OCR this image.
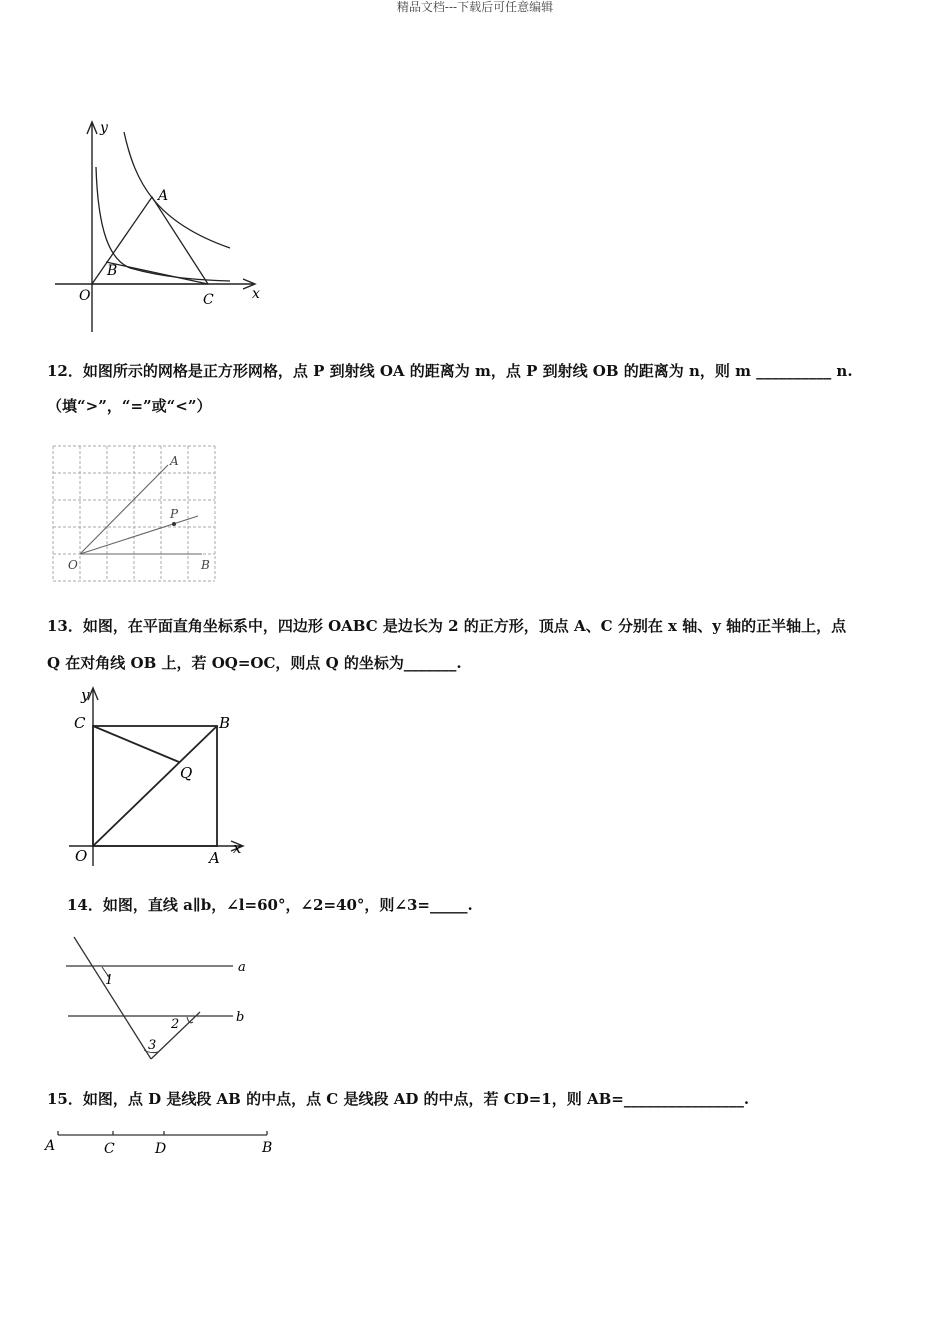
精品文档---下载后可任意编辑
y
A
B
O	C	x
12．如图所示的网格是正方形网格，点 P 到射线 OA 的距离为 m，点 P 到射线 OB 的距离为 n，则 m __________ n.
（填“>”，“=”或“<”）
A
P
O	B
13．如图，在平面直角坐标系中，四边形 OABC 是边长为 2 的正方形，顶点 A、C 分别在 x 轴、y 轴的正半轴上，点
Q 在对角线 OB 上，若 OQ=OC，则点 Q 的坐标为_______.
y
C	B
Q
O	A
x
14．如图，直线 a∥b，∠l=60°，∠2=40°，则∠3=_____.
a
b
1
2
3
15．如图，点 D 是线段 AB 的中点，点 C 是线段 AD 的中点，若 CD=1，则 AB=________________.
A	C	D	B
